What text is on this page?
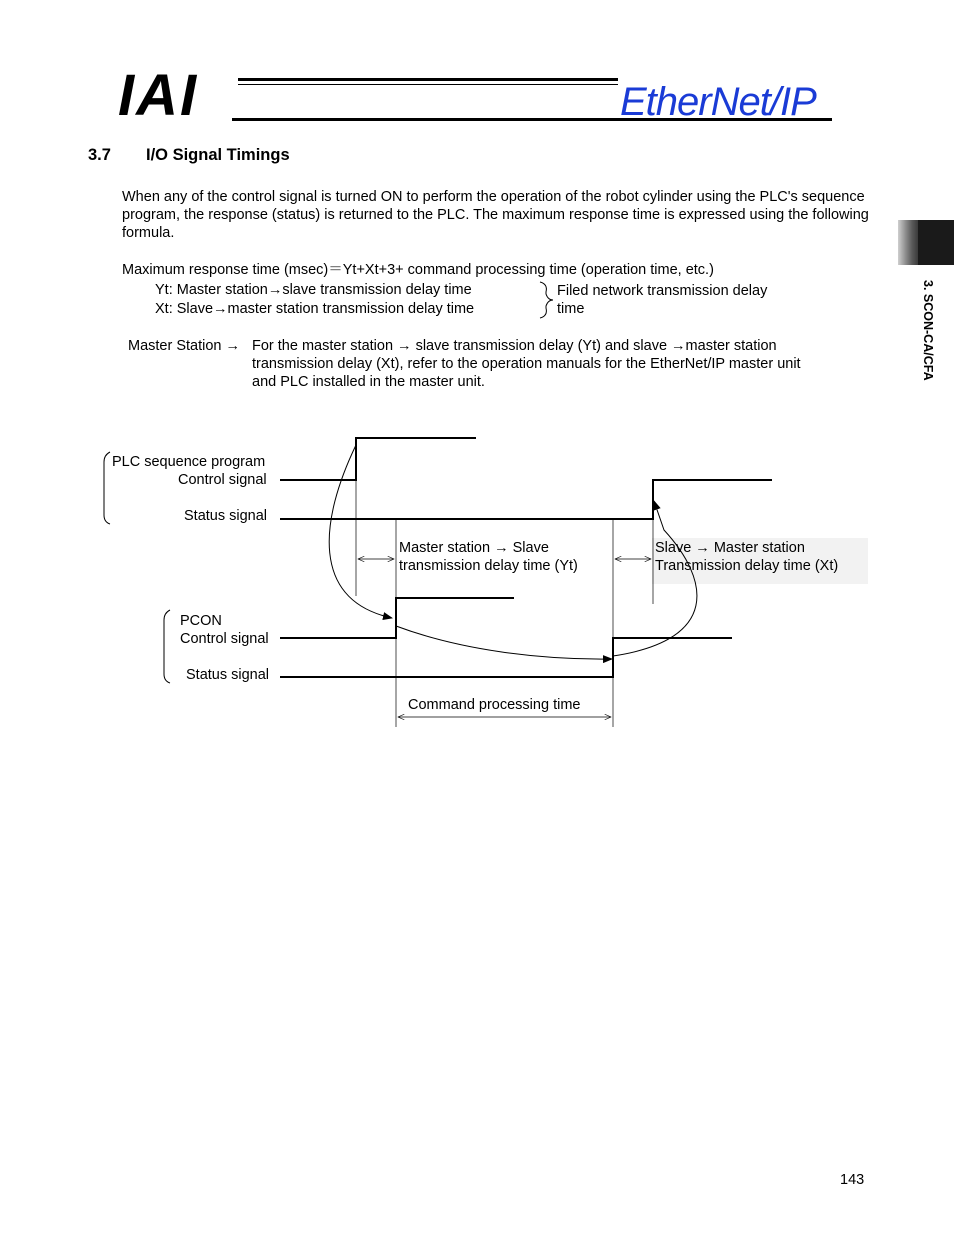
IAI	EtherNet/IP
3. SCON-CA/CFA
3.7 I/O Signal Timings
When any of the control signal is turned ON to perform the operation of the robot cylinder using the PLC's sequence program, the response (status) is returned to the PLC. The maximum response time is expressed using the following formula.
Maximum response time (msec)＝Yt+Xt+3+ command processing time (operation time, etc.)
Yt: Master station→slave transmission delay time
Xt: Slave→master station transmission delay time
Filed network transmission delay
time
Master Station → For the master station → slave transmission delay (Yt) and slave →master station
transmission delay (Xt), refer to the operation manuals for the EtherNet/IP master unit
and PLC installed in the master unit.
PLC sequence program
Control signal
Status signal
Master station → Slave
transmission delay time (Yt)
Slave → Master station
Transmission delay time (Xt)
PCON
Control signal
Status signal
Command processing time
143
